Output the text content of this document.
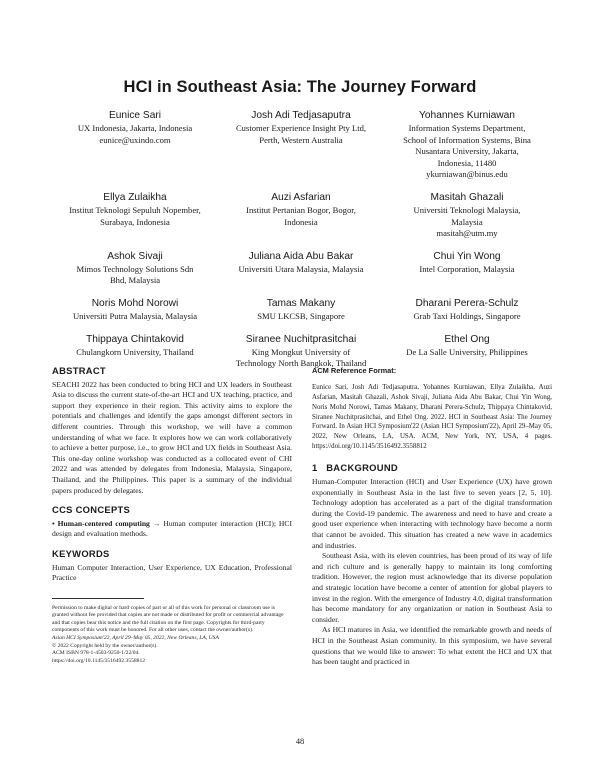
HCI in Southeast Asia: The Journey Forward
Eunice Sari
UX Indonesia, Jakarta, Indonesia
eunice@uxindo.com
Josh Adi Tedjasaputra
Customer Experience Insight Pty Ltd,
Perth, Western Australia
Yohannes Kurniawan
Information Systems Department,
School of Information Systems, Bina
Nusantara University, Jakarta,
Indonesia, 11480
ykurniawan@binus.edu
Ellya Zulaikha
Institut Teknologi Sepuluh Nopember,
Surabaya, Indonesia
Auzi Asfarian
Institut Pertanian Bogor, Bogor,
Indonesia
Masitah Ghazali
Universiti Teknologi Malaysia,
Malaysia
masitah@utm.my
Ashok Sivaji
Mimos Technology Solutions Sdn
Bhd, Malaysia
Juliana Aida Abu Bakar
Universiti Utara Malaysia, Malaysia
Chui Yin Wong
Intel Corporation, Malaysia
Noris Mohd Norowi
Universiti Putra Malaysia, Malaysia
Tamas Makany
SMU LKCSB, Singapore
Dharani Perera-Schulz
Grab Taxi Holdings, Singapore
Thippaya Chintakovid
Chulangkorn University, Thailand
Siranee Nuchitprasitchai
King Mongkut University of
Technology North Bangkok, Thailand
Ethel Ong
De La Salle University, Philippines
ABSTRACT

SEACHI 2022 has been conducted to bring HCI and UX leaders in Southeast Asia to discuss the current state-of-the-art HCI and UX teaching, practice, and support they experience in their region. This activity aims to explore the potentials and challenges and identify the gaps amongst different sectors in different countries. Through this workshop, we will have a common understanding of what we face. It explores how we can work collaboratively to achieve a better purpose, i.e., to grow HCI and UX fields in Southeast Asia. This one-day online workshop was conducted as a collocated event of CHI 2022 and was attended by delegates from Indonesia, Malaysia, Singapore, Thailand, and the Philippines. This paper is a summary of the individual papers produced by delegates.

CCS CONCEPTS

• Human-centered computing → Human computer interaction (HCI); HCI design and evaluation methods.

KEYWORDS

Human Computer Interaction, User Experience, UX Education, Professional Practice

Permission to make digital or hard copies of part or all of this work for personal or classroom use is granted without fee provided that copies are not made or distributed for profit or commercial advantage and that copies bear this notice and the full citation on the first page. Copyrights for third-party components of this work must be honored. For all other uses, contact the owner/author(s).

Asian HCI Symposium'22, April 29–May 05, 2022, New Orleans, LA, USA

© 2022 Copyright held by the owner/author(s).

ACM ISBN 978-1-4503-9250-1/22/04.

https://doi.org/10.1145/3516492.3558812

ACM Reference Format:

Eunice Sari, Josh Adi Tedjasaputra, Yohannes Kurniawan, Ellya Zulaikha, Auzi Asfarian, Masitah Ghazali, Ashok Sivaji, Juliana Aida Abu Bakar, Chui Yin Wong, Noris Mohd Norowi, Tamas Makany, Dharani Perera-Schulz, Thippaya Chintakovid, Siranee Nuchitprasitchai, and Ethel Ong. 2022. HCI in Southeast Asia: The Journey Forward. In Asian HCI Symposium'22 (Asian HCI Symposium'22), April 29–May 05, 2022, New Orleans, LA, USA. ACM, New York, NY, USA, 4 pages. https://doi.org/10.1145/3516492.3558812

1   BACKGROUND

Human-Computer Interaction (HCI) and User Experience (UX) have grown exponentially in Southeast Asia in the last five to seven years [2, 5, 10]. Technology adoption has accelerated as a part of the digital transformation during the Covid-19 pandemic. The awareness and need to have and create a good user experience when interacting with technology have become a norm that cannot be avoided. This situation has created a new wave in academics and industries.

Southeast Asia, with its eleven countries, has been proud of its way of life and rich culture and is generally happy to maintain its long comforting tradition. However, the region must acknowledge that its diverse population and strategic location have become a center of attention for global players to invest in the region. With the emergence of Industry 4.0, digital transformation has become mandatory for any organization or nation in Southeast Asia to consider.

As HCI matures in Asia, we identified the remarkable growth and needs of HCI in the Southeast Asian community. In this symposium, we have several questions that we would like to answer: To what extent the HCI and UX that has been taught and practiced in

48
